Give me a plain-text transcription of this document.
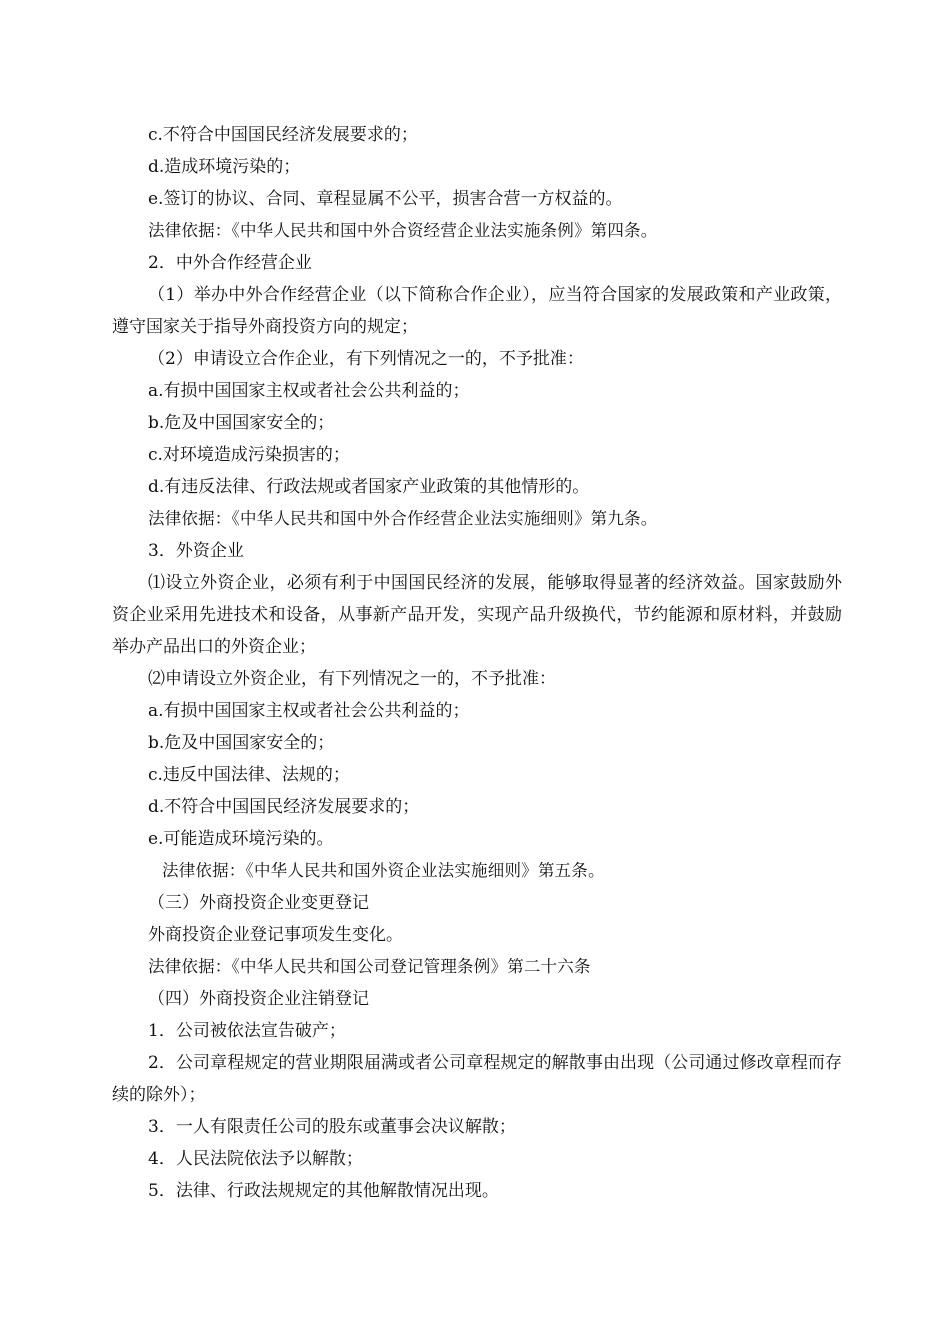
c.不符合中国国民经济发展要求的；
d.造成环境污染的；
e.签订的协议、合同、章程显属不公平，损害合营一方权益的。
法律依据：《中华人民共和国中外合资经营企业法实施条例》第四条。
2．中外合作经营企业
（1）举办中外合作经营企业（以下简称合作企业），应当符合国家的发展政策和产业政策，遵守国家关于指导外商投资方向的规定；
（2）申请设立合作企业，有下列情况之一的，不予批准：
a.有损中国国家主权或者社会公共利益的；
b.危及中国国家安全的；
c.对环境造成污染损害的；
d.有违反法律、行政法规或者国家产业政策的其他情形的。
法律依据：《中华人民共和国中外合作经营企业法实施细则》第九条。
3．外资企业
⑴设立外资企业，必须有利于中国国民经济的发展，能够取得显著的经济效益。国家鼓励外资企业采用先进技术和设备，从事新产品开发，实现产品升级换代，节约能源和原材料，并鼓励举办产品出口的外资企业；
⑵申请设立外资企业，有下列情况之一的，不予批准：
a.有损中国国家主权或者社会公共利益的；
b.危及中国国家安全的；
c.违反中国法律、法规的；
d.不符合中国国民经济发展要求的；
e.可能造成环境污染的。
法律依据：《中华人民共和国外资企业法实施细则》第五条。
（三）外商投资企业变更登记
外商投资企业登记事项发生变化。
法律依据：《中华人民共和国公司登记管理条例》第二十六条
（四）外商投资企业注销登记
1．公司被依法宣告破产；
2．公司章程规定的营业期限届满或者公司章程规定的解散事由出现（公司通过修改章程而存续的除外）；
3．一人有限责任公司的股东或董事会决议解散；
4．人民法院依法予以解散；
5．法律、行政法规规定的其他解散情况出现。
